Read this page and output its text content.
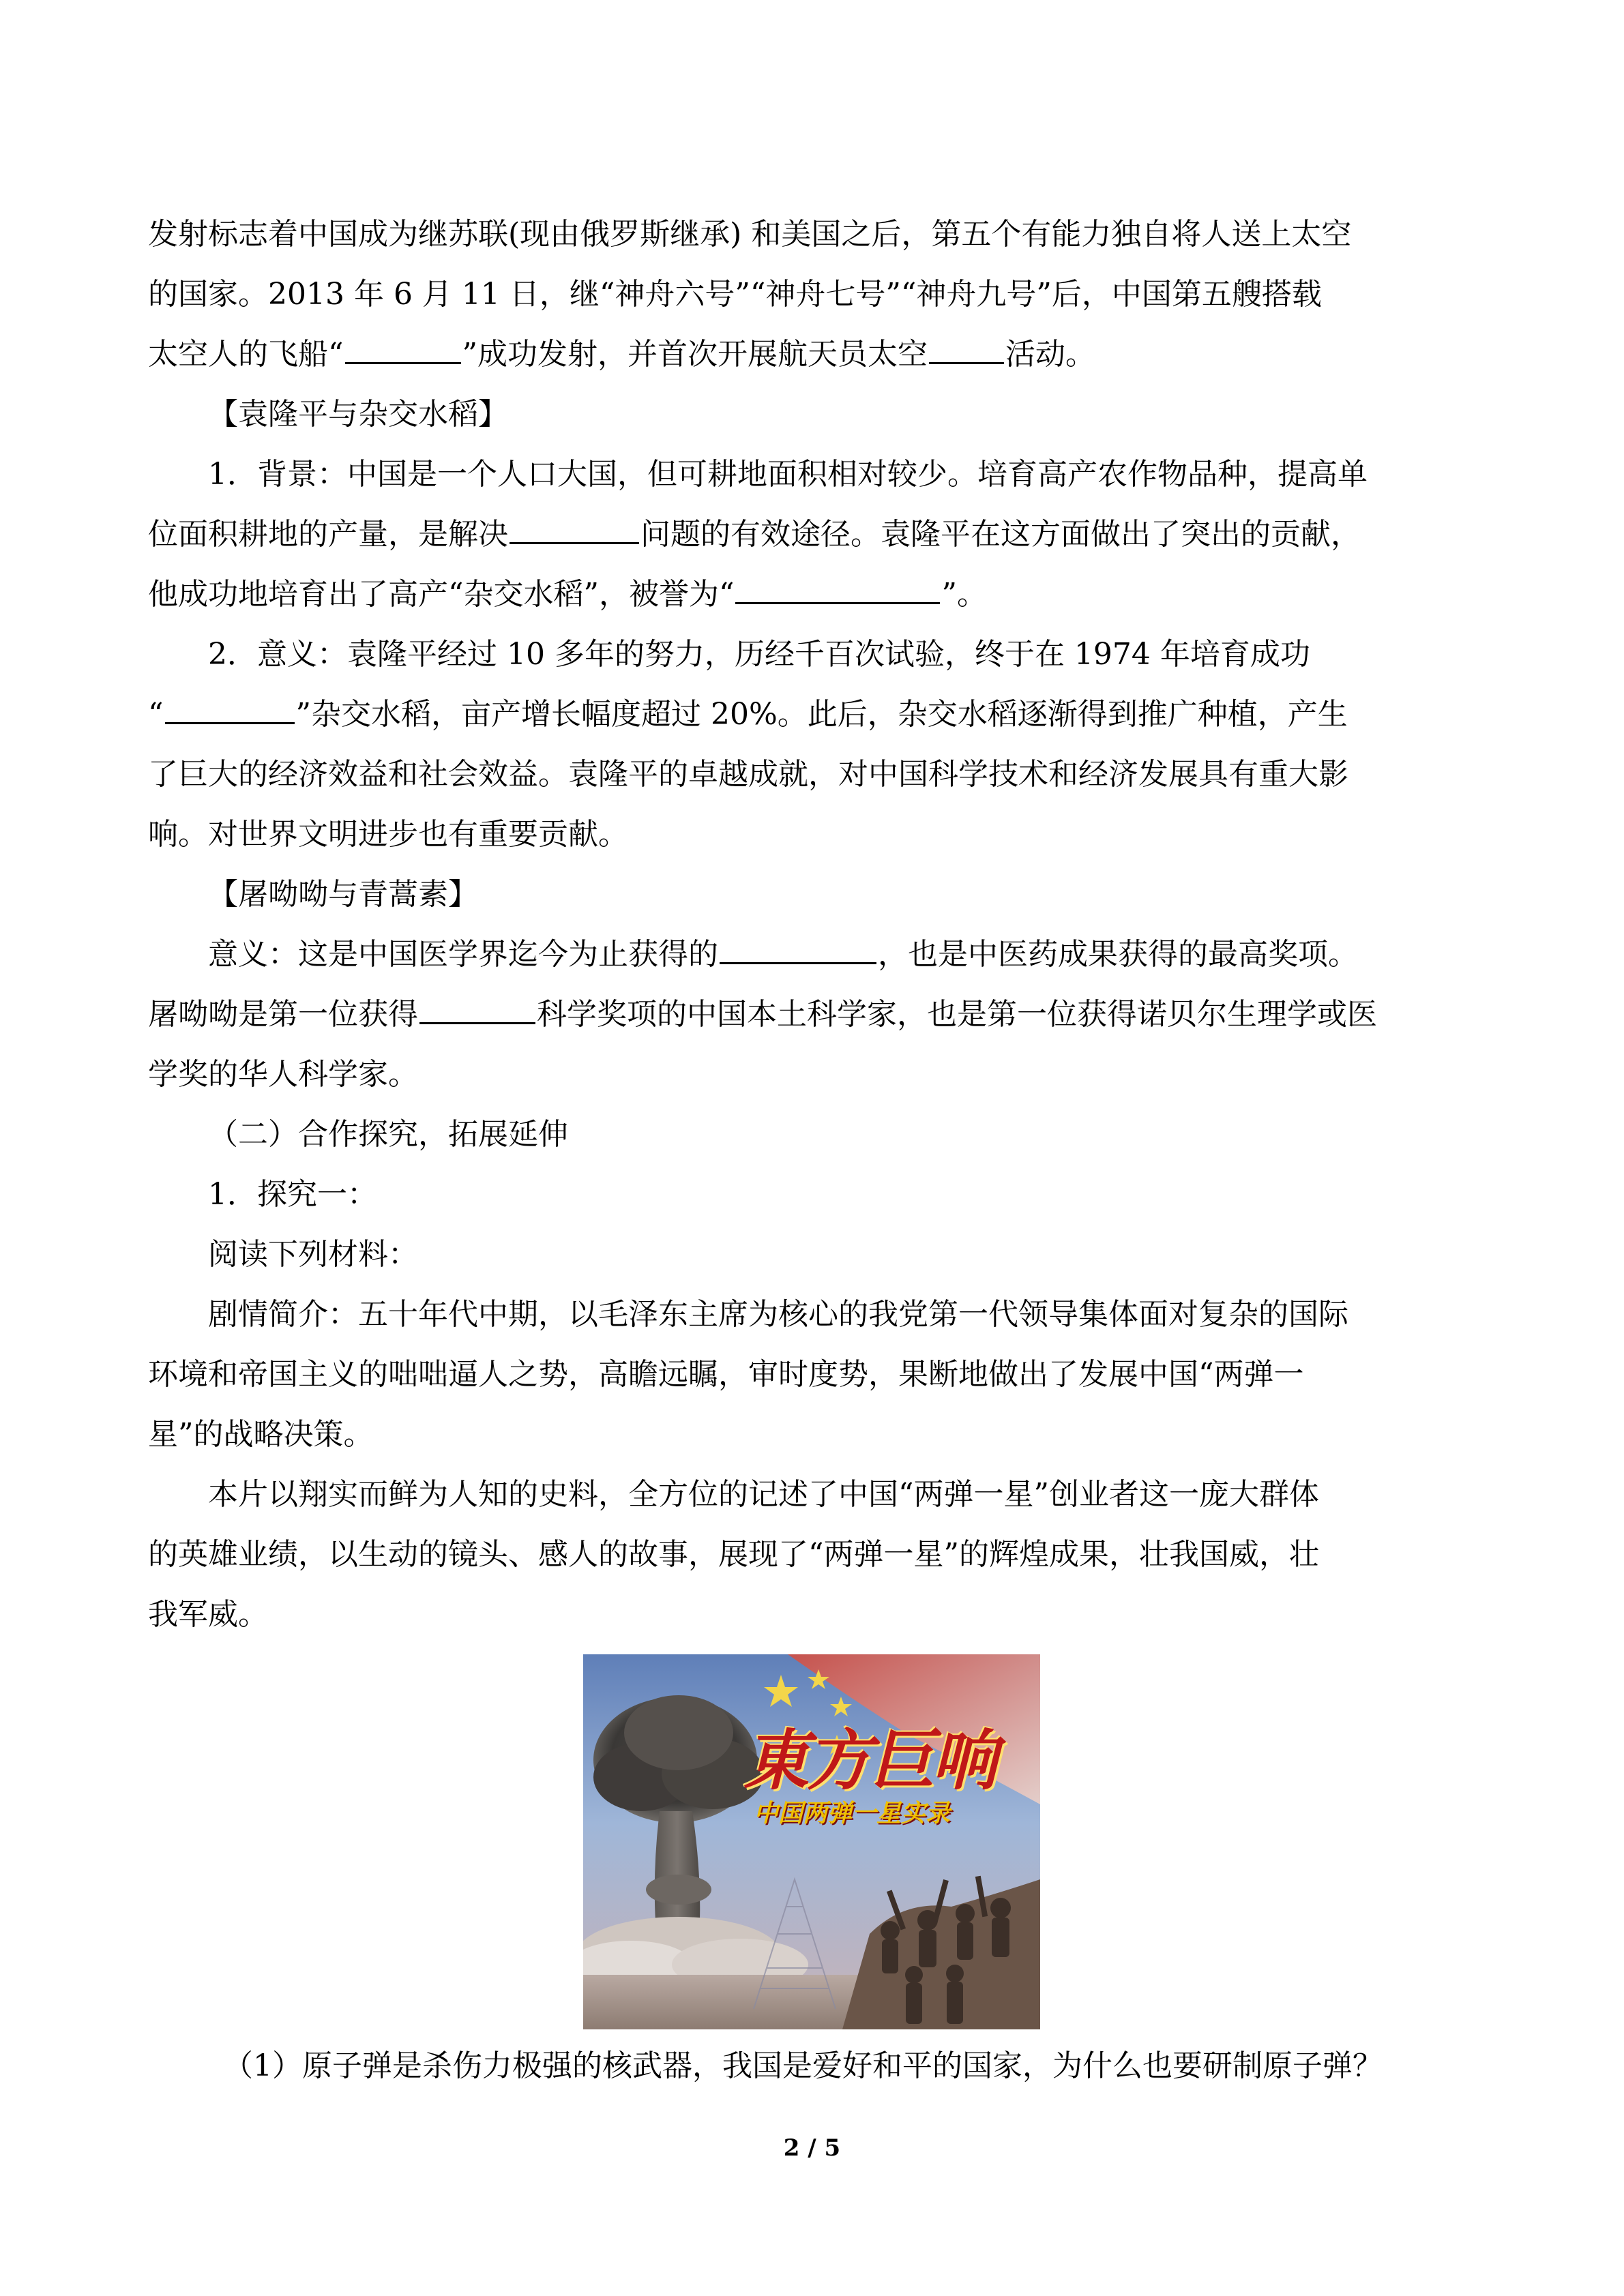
发射标志着中国成为继苏联(现由俄罗斯继承) 和美国之后，第五个有能力独自将人送上太空
的国家。2013 年 6 月 11 日，继“神舟六号”“神舟七号”“神舟九号”后，中国第五艘搭载
太空人的飞船“	”成功发射，并首次开展航天员太空	活动。
【袁隆平与杂交水稻】
1．背景：中国是一个人口大国，但可耕地面积相对较少。培育高产农作物品种，提高单
位面积耕地的产量，是解决	问题的有效途径。袁隆平在这方面做出了突出的贡献，
他成功地培育出了高产“杂交水稻”，被誉为“	”。
2．意义：袁隆平经过 10 多年的努力，历经千百次试验，终于在 1974 年培育成功
“	”杂交水稻，亩产增长幅度超过 20%。此后，杂交水稻逐渐得到推广种植，产生
了巨大的经济效益和社会效益。袁隆平的卓越成就，对中国科学技术和经济发展具有重大影
响。对世界文明进步也有重要贡献。
【屠呦呦与青蒿素】
意义：这是中国医学界迄今为止获得的	，也是中医药成果获得的最高奖项。
屠呦呦是第一位获得	科学奖项的中国本土科学家，也是第一位获得诺贝尔生理学或医
学奖的华人科学家。
（二）合作探究，拓展延伸
1．探究一：
阅读下列材料：
剧情简介：五十年代中期，以毛泽东主席为核心的我党第一代领导集体面对复杂的国际
环境和帝国主义的咄咄逼人之势，高瞻远瞩，审时度势，果断地做出了发展中国“两弹一
星”的战略决策。
本片以翔实而鲜为人知的史料，全方位的记述了中国“两弹一星”创业者这一庞大群体
的英雄业绩，以生动的镜头、感人的故事，展现了“两弹一星”的辉煌成果，壮我国威，壮
我军威。
東方巨响
中国两弹一星实录
（1）原子弹是杀伤力极强的核武器，我国是爱好和平的国家，为什么也要研制原子弹？
2 / 5
